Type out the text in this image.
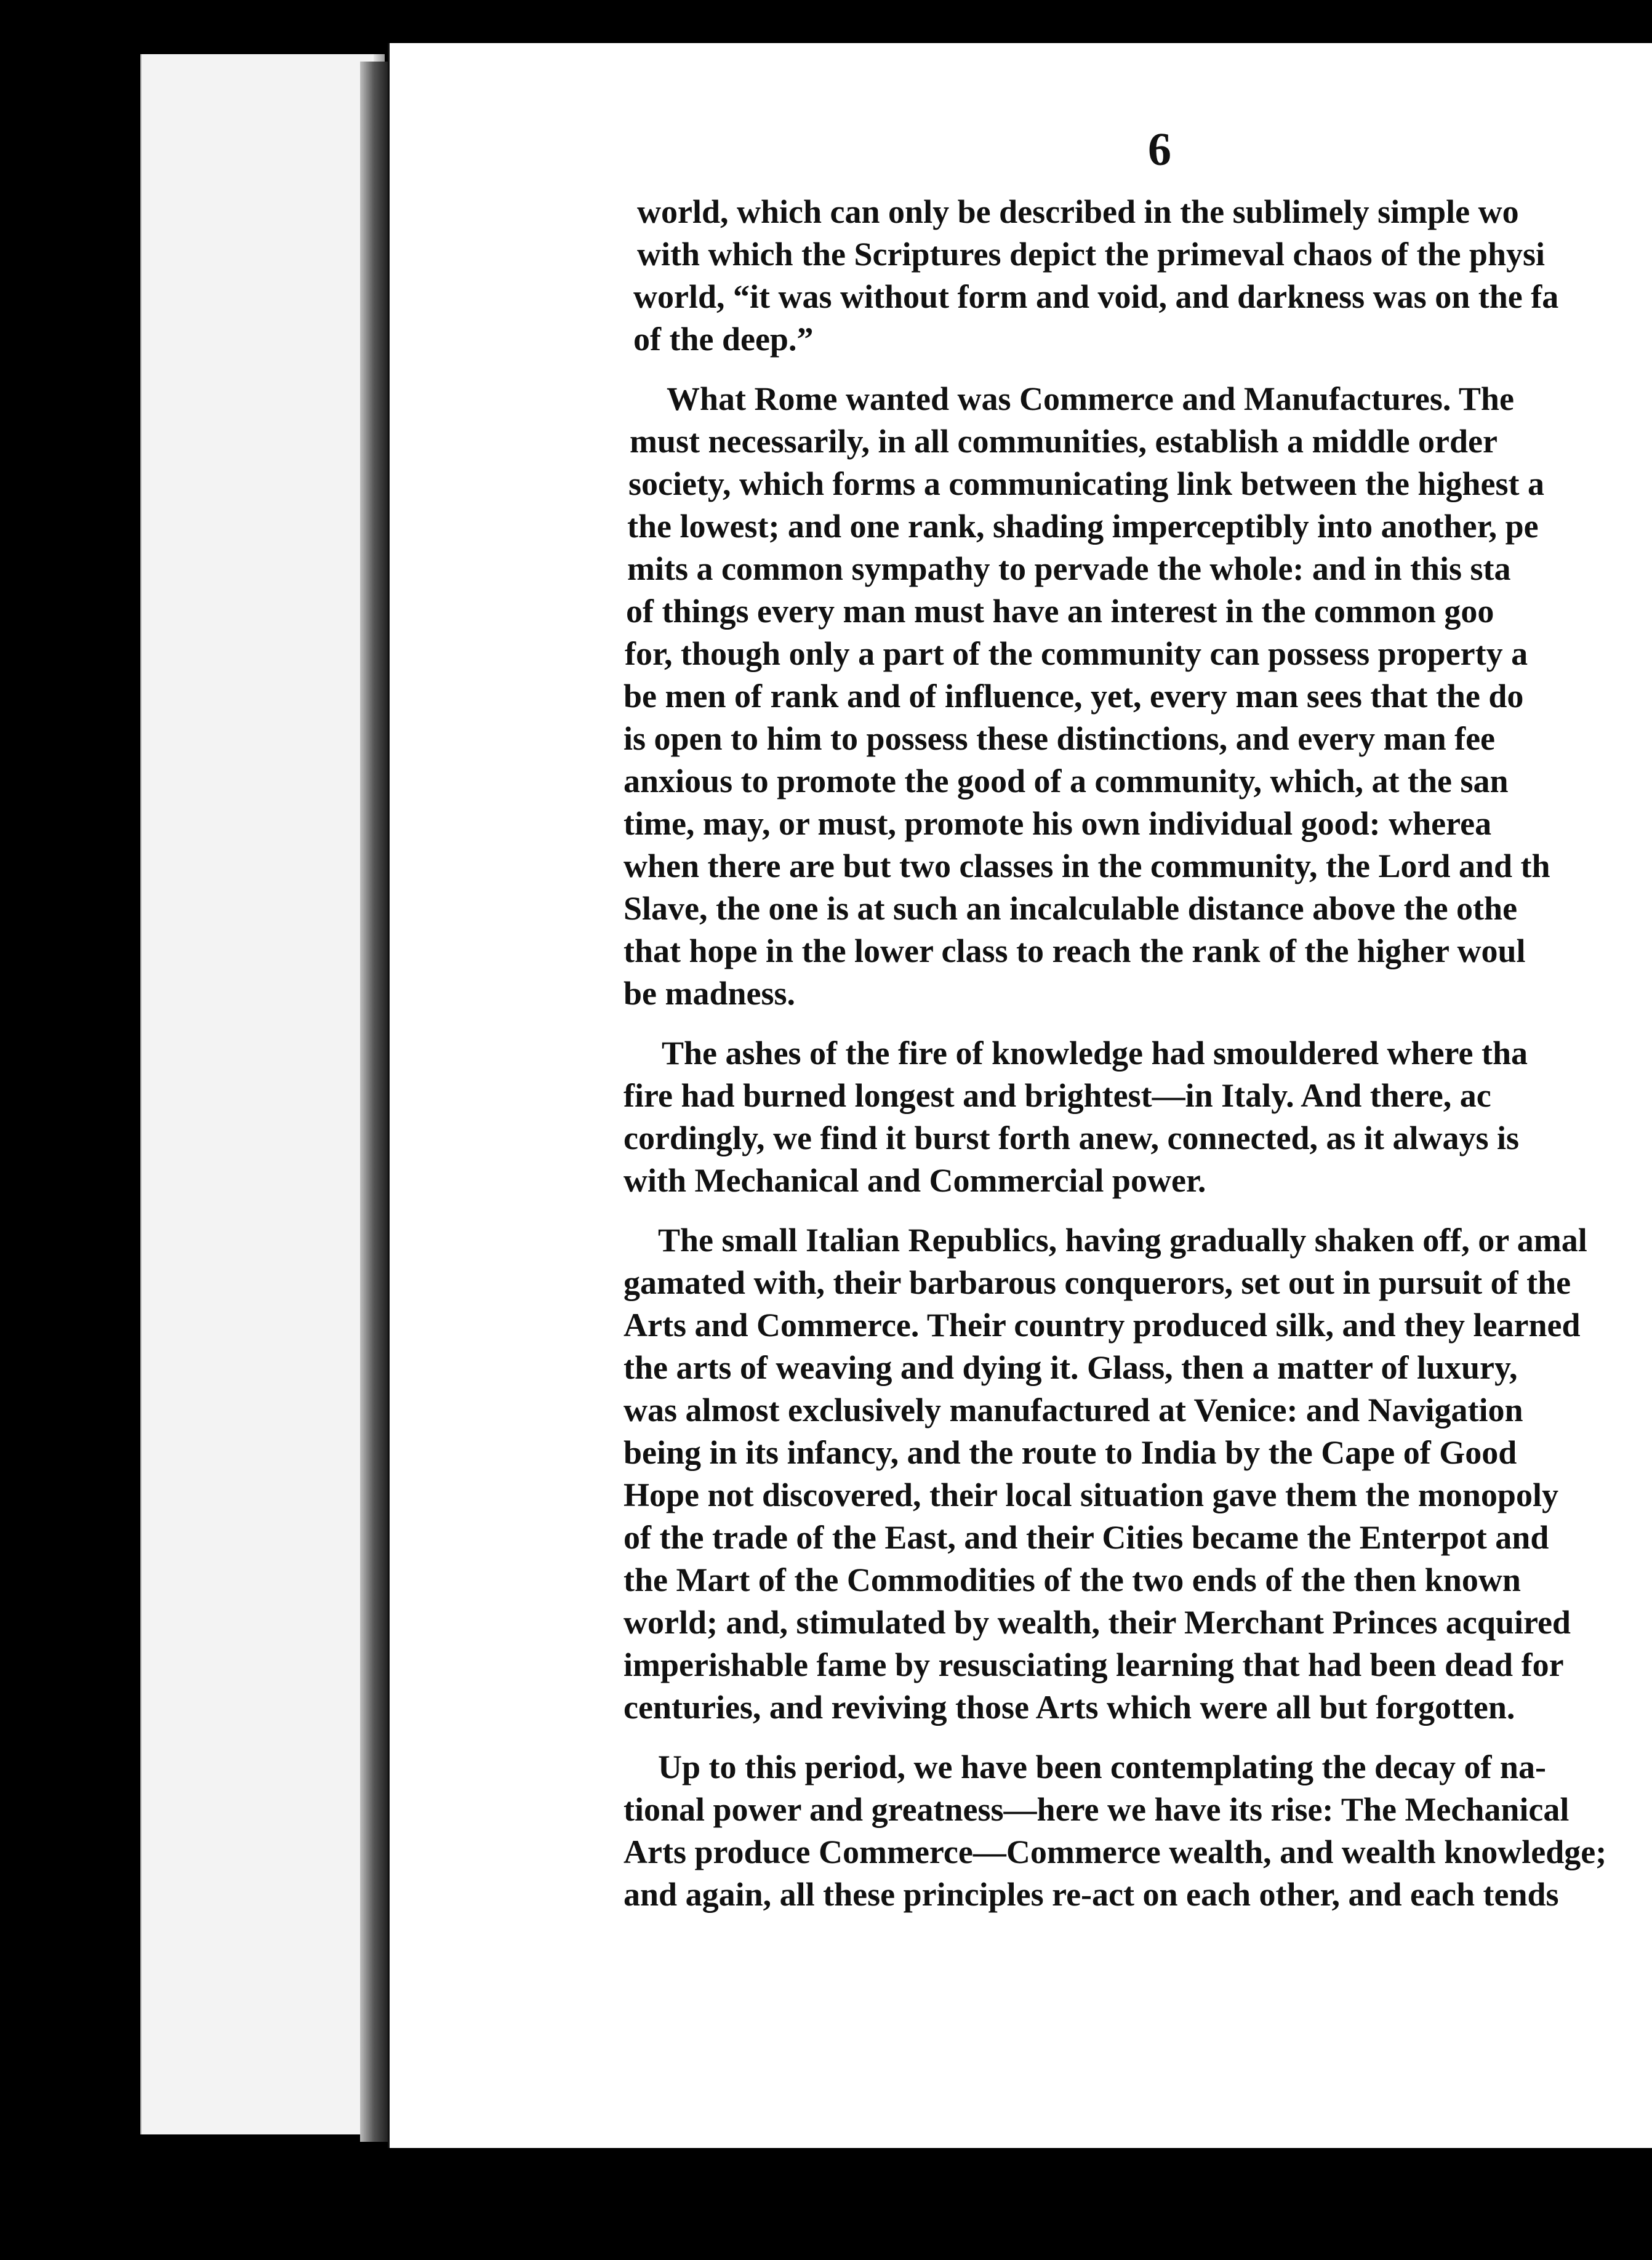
6

world, which can only be described in the sublimely simple wo
with which the Scriptures depict the primeval chaos of the physi
world, “it was without form and void, and darkness was on the fa
of the deep.”

What Rome wanted was Commerce and Manufactures. The
must necessarily, in all communities, establish a middle order
society, which forms a communicating link between the highest a
the lowest; and one rank, shading imperceptibly into another, pe
mits a common sympathy to pervade the whole: and in this sta
of things every man must have an interest in the common goo
for, though only a part of the community can possess property a
be men of rank and of influence, yet, every man sees that the do
is open to him to possess these distinctions, and every man fee
anxious to promote the good of a community, which, at the san
time, may, or must, promote his own individual good: wherea
when there are but two classes in the community, the Lord and th
Slave, the one is at such an incalculable distance above the othe
that hope in the lower class to reach the rank of the higher woul
be madness.

The ashes of the fire of knowledge had smouldered where tha
fire had burned longest and brightest—in Italy. And there, ac
cordingly, we find it burst forth anew, connected, as it always is
with Mechanical and Commercial power.

The small Italian Republics, having gradually shaken off, or amal
gamated with, their barbarous conquerors, set out in pursuit of the
Arts and Commerce. Their country produced silk, and they learned
the arts of weaving and dying it. Glass, then a matter of luxury,
was almost exclusively manufactured at Venice: and Navigation
being in its infancy, and the route to India by the Cape of Good
Hope not discovered, their local situation gave them the monopoly
of the trade of the East, and their Cities became the Enterpot and
the Mart of the Commodities of the two ends of the then known
world; and, stimulated by wealth, their Merchant Princes acquired
imperishable fame by resusciating learning that had been dead for
centuries, and reviving those Arts which were all but forgotten.

Up to this period, we have been contemplating the decay of na-
tional power and greatness—here we have its rise: The Mechanical
Arts produce Commerce—Commerce wealth, and wealth knowledge;
and again, all these principles re-act on each other, and each tends
